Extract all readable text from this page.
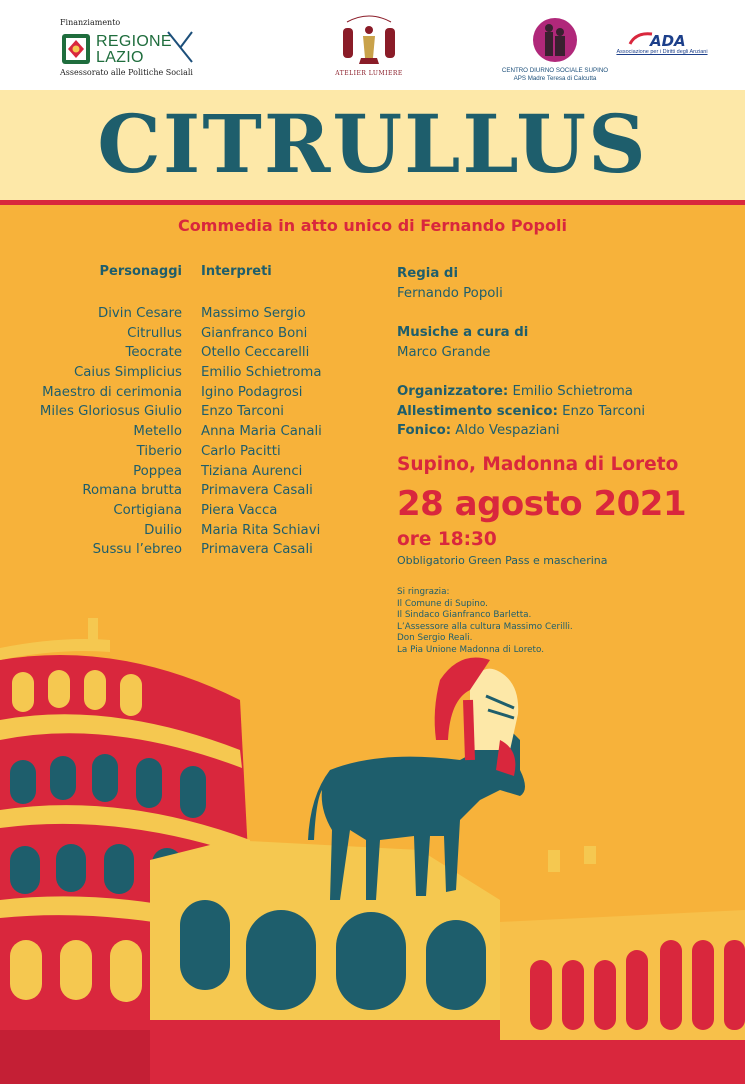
Finanziamento
REGIONE
LAZIO
Assessorato alle Politiche Sociali	ATELIER LUMIERE	CENTRO DIURNO SOCIALE SUPINO
APS Madre Teresa di Calcutta
ADA
Associazione per i Diritti degli Anziani
CITRULLUS
Commedia in atto unico di Fernando Popoli
Personaggi
Divin Cesare
Citrullus
Teocrate
Caius Simplicius
Maestro di cerimonia
Miles Gloriosus Giulio
Metello
Tiberio
Poppea
Romana brutta
Cortigiana
Duilio
Sussu l’ebreo
Interpreti
Massimo Sergio
Gianfranco Boni
Otello Ceccarelli
Emilio Schietroma
Igino Podagrosi
Enzo Tarconi
Anna Maria Canali
Carlo Pacitti
Tiziana Aurenci
Primavera Casali
Piera Vacca
Maria Rita Schiavi
Primavera Casali
Regia di
Fernando Popoli
Musiche a cura di
Marco Grande
Organizzatore: Emilio Schietroma
Allestimento scenico: Enzo Tarconi
Fonico: Aldo Vespaziani
Supino, Madonna di Loreto
28 agosto 2021
ore 18:30
Obbligatorio Green Pass e mascherina
Si ringrazia:
Il Comune di Supino.
Il Sindaco Gianfranco Barletta.
L’Assessore alla cultura Massimo Cerilli.
Don Sergio Reali.
La Pia Unione Madonna di Loreto.
